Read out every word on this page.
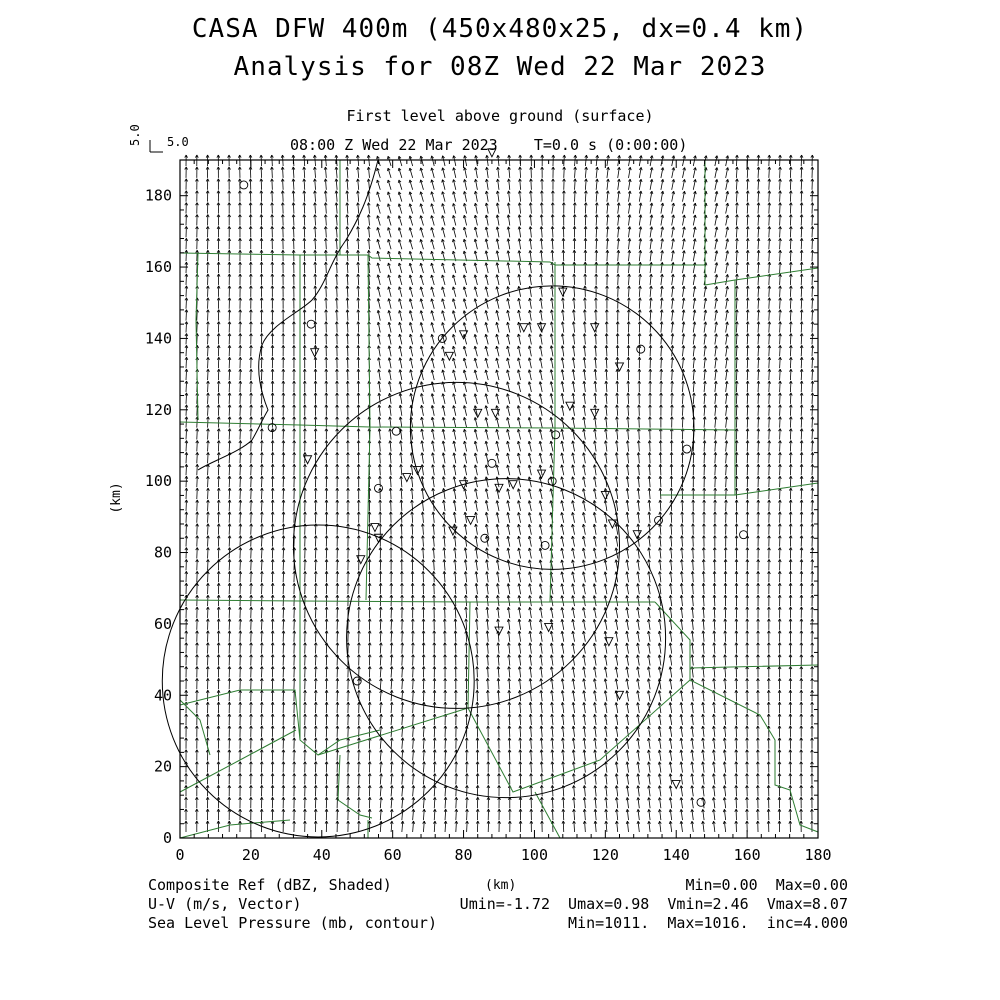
CASA DFW 400m (450x480x25, dx=0.4 km)
Analysis for 08Z Wed 22 Mar 2023
First level above ground (surface)
08:00 Z Wed 22 Mar 2023    T=0.0 s (0:00:00)
5.0 5.0
0	20	40	60	80	100	120	140	160	180
0
20
40
60
80
100
120
140
160
180
(km)
Composite Ref (dBZ, Shaded)
U-V (m/s, Vector)
Sea Level Pressure (mb, contour)
(km)	Min=0.00  Max=0.00
Umin=-1.72  Umax=0.98  Vmin=2.46  Vmax=8.07
Min=1011.  Max=1016.  inc=4.000
